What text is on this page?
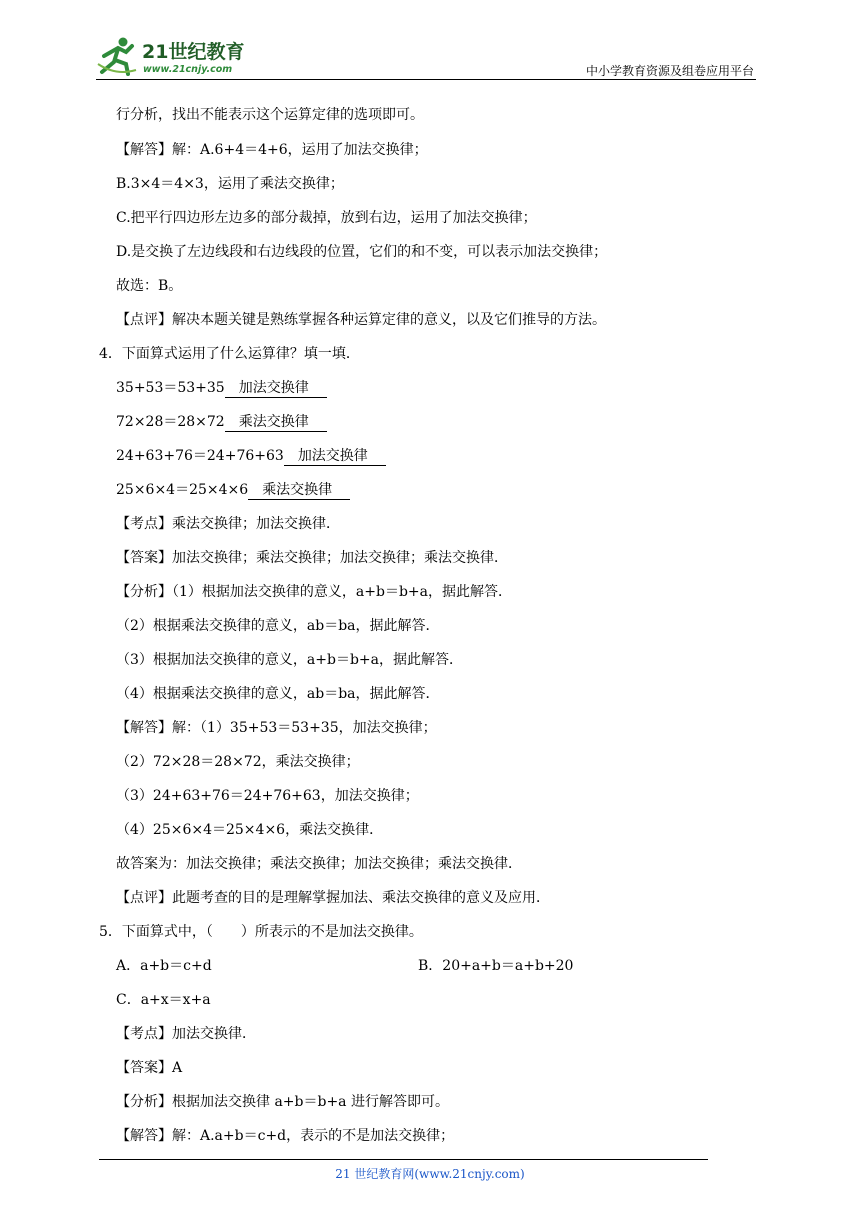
21世纪教育
www.21cnjy.com	中小学教育资源及组卷应用平台
行分析，找出不能表示这个运算定律的选项即可。
【解答】解：A.6+4＝4+6，运用了加法交换律；
B.3×4＝4×3，运用了乘法交换律；
C.把平行四边形左边多的部分裁掉，放到右边，运用了加法交换律；
D.是交换了左边线段和右边线段的位置，它们的和不变，可以表示加法交换律；
故选：B。
【点评】解决本题关键是熟练掌握各种运算定律的意义，以及它们推导的方法。
4．下面算式运用了什么运算律？填一填．
35+53＝53+35 加法交换律
72×28＝28×72 乘法交换律
24+63+76＝24+76+63 加法交换律
25×6×4＝25×4×6 乘法交换律
【考点】乘法交换律；加法交换律．
【答案】加法交换律；乘法交换律；加法交换律；乘法交换律．
【分析】（1）根据加法交换律的意义，a+b＝b+a，据此解答．
（2）根据乘法交换律的意义，ab＝ba，据此解答．
（3）根据加法交换律的意义，a+b＝b+a，据此解答．
（4）根据乘法交换律的意义，ab＝ba，据此解答．
【解答】解：（1）35+53＝53+35，加法交换律；
（2）72×28＝28×72，乘法交换律；
（3）24+63+76＝24+76+63，加法交换律；
（4）25×6×4＝25×4×6，乘法交换律．
故答案为：加法交换律；乘法交换律；加法交换律；乘法交换律．
【点评】此题考查的目的是理解掌握加法、乘法交换律的意义及应用．
5．下面算式中，（　　）所表示的不是加法交换律。
A．a+b＝c+d	B．20+a+b＝a+b+20
C．a+x＝x+a
【考点】加法交换律．
【答案】A
【分析】根据加法交换律 a+b＝b+a 进行解答即可。
【解答】解：A.a+b＝c+d，表示的不是加法交换律；
21 世纪教育网(www.21cnjy.com)
